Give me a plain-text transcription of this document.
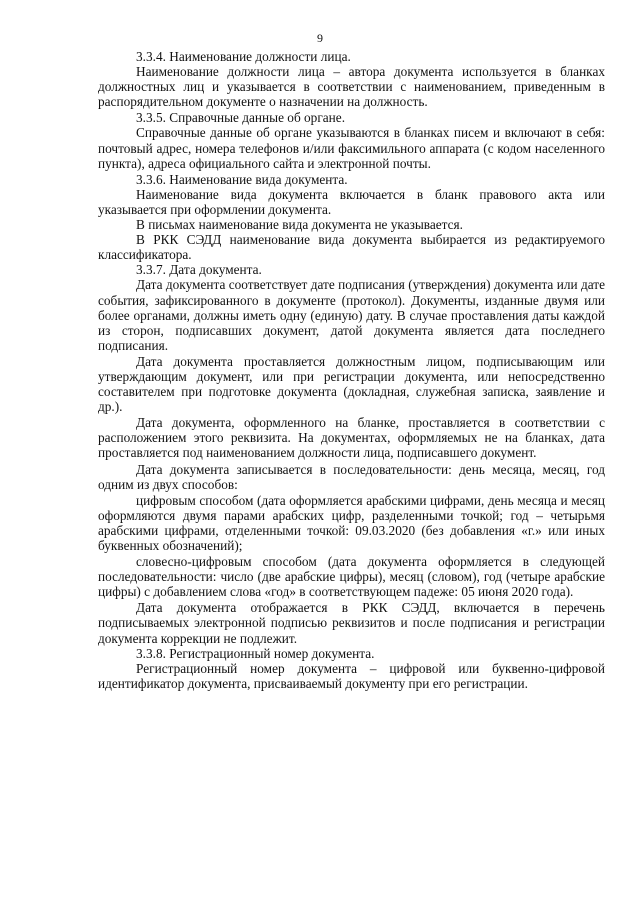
9

3.3.4. Наименование должности лица.

Наименование должности лица – автора документа используется в бланках должностных лиц и указывается в соответствии с наименованием, приведенным в распорядительном документе о назначении на должность.

3.3.5. Справочные данные об органе.

Справочные данные об органе указываются в бланках писем и включают в себя: почтовый адрес, номера телефонов и/или факсимильного аппарата (с кодом населенного пункта), адреса официального сайта и электронной почты.

3.3.6. Наименование вида документа.

Наименование вида документа включается в бланк правового акта или указывается при оформлении документа.

В письмах наименование вида документа не указывается.

В РКК СЭДД наименование вида документа выбирается из редактируемого классификатора.

3.3.7. Дата документа.

Дата документа соответствует дате подписания (утверждения) документа или дате события, зафиксированного в документе (протокол). Документы, изданные двумя или более органами, должны иметь одну (единую) дату. В случае проставления даты каждой из сторон, подписавших документ, датой документа является дата последнего подписания.

Дата документа проставляется должностным лицом, подписывающим или утверждающим документ, или при регистрации документа, или непосредственно составителем при подготовке документа (докладная, служебная записка, заявление и др.).

Дата документа, оформленного на бланке, проставляется в соответствии с расположением этого реквизита. На документах, оформляемых не на бланках, дата проставляется под наименованием должности лица, подписавшего документ.

Дата документа записывается в последовательности: день месяца, месяц, год одним из двух способов:

цифровым способом (дата оформляется арабскими цифрами, день месяца и месяц оформляются двумя парами арабских цифр, разделенными точкой; год – четырьмя арабскими цифрами, отделенными точкой: 09.03.2020 (без добавления «г.» или иных буквенных обозначений);

словесно-цифровым способом (дата документа оформляется в следующей последовательности: число (две арабские цифры), месяц (словом), год (четыре арабские цифры) с добавлением слова «год» в соответствующем падеже: 05 июня 2020 года).

Дата документа отображается в РКК СЭДД, включается в перечень подписываемых электронной подписью реквизитов и после подписания и регистрации документа коррекции не подлежит.

3.3.8. Регистрационный номер документа.

Регистрационный номер документа – цифровой или буквенно-цифровой идентификатор документа, присваиваемый документу при его регистрации.
